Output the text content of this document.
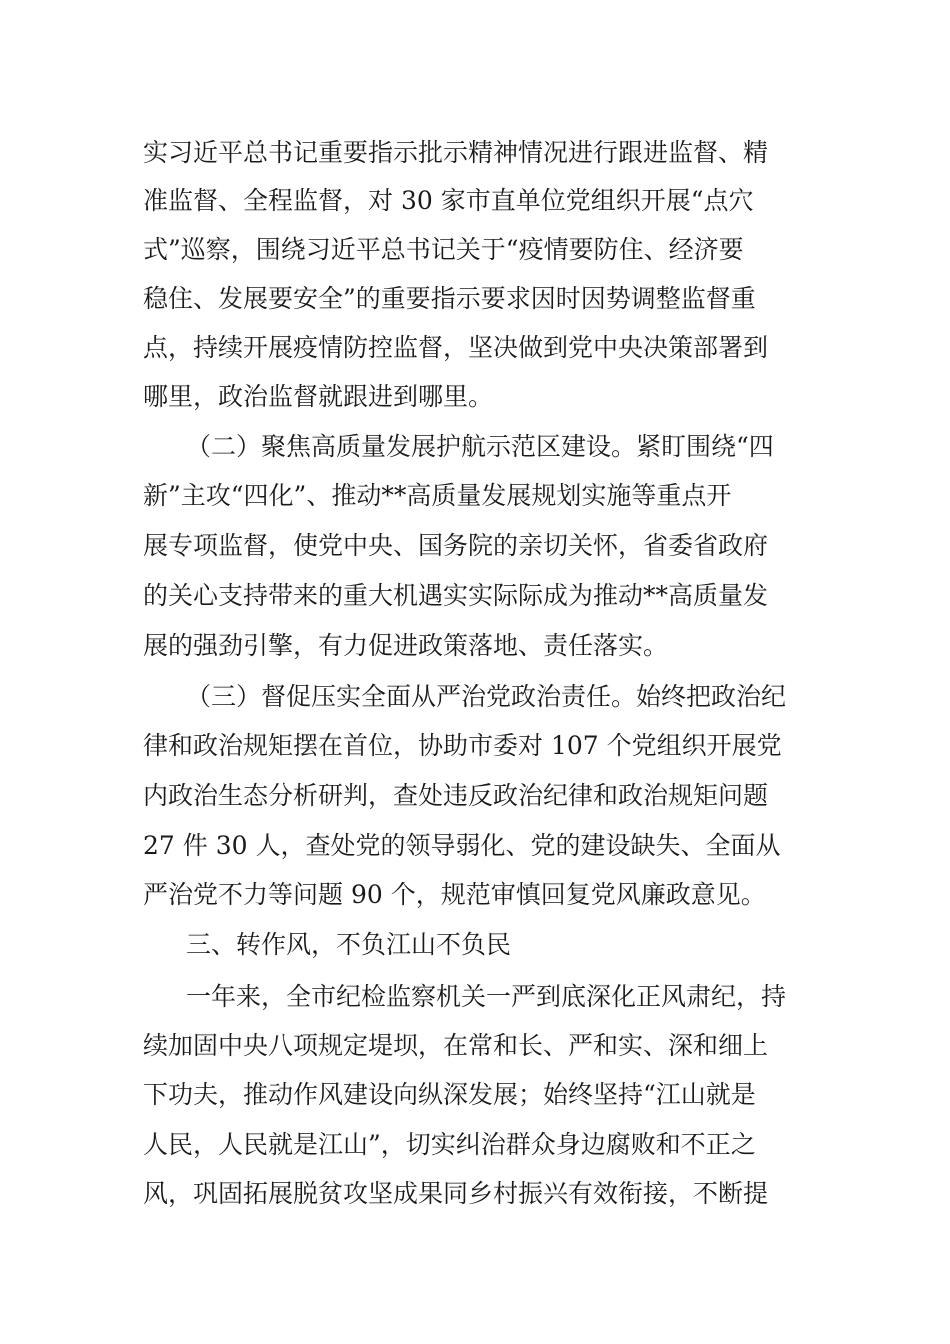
实习近平总书记重要指示批示精神情况进行跟进监督、精
准监督、全程监督，对 30 家市直单位党组织开展“点穴
式”巡察，围绕习近平总书记关于“疫情要防住、经济要
稳住、发展要安全”的重要指示要求因时因势调整监督重
点，持续开展疫情防控监督，坚决做到党中央决策部署到
哪里，政治监督就跟进到哪里。
（二）聚焦高质量发展护航示范区建设。紧盯围绕“四
新”主攻“四化”、推动**高质量发展规划实施等重点开
展专项监督，使党中央、国务院的亲切关怀，省委省政府
的关心支持带来的重大机遇实实际际成为推动**高质量发
展的强劲引擎，有力促进政策落地、责任落实。
（三）督促压实全面从严治党政治责任。始终把政治纪
律和政治规矩摆在首位，协助市委对 107 个党组织开展党
内政治生态分析研判，查处违反政治纪律和政治规矩问题
27 件 30 人，查处党的领导弱化、党的建设缺失、全面从
严治党不力等问题 90 个，规范审慎回复党风廉政意见。
三、转作风，不负江山不负民
一年来，全市纪检监察机关一严到底深化正风肃纪，持
续加固中央八项规定堤坝，在常和长、严和实、深和细上
下功夫，推动作风建设向纵深发展；始终坚持“江山就是
人民，人民就是江山”，切实纠治群众身边腐败和不正之
风，巩固拓展脱贫攻坚成果同乡村振兴有效衔接，不断提
